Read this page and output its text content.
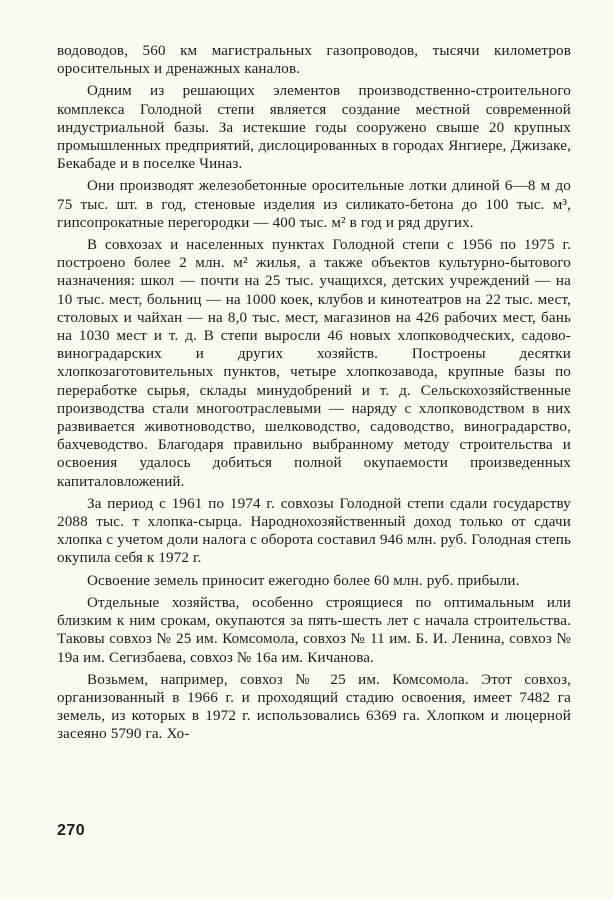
водоводов, 560 км магистральных газопроводов, тысячи километров оросительных и дренажных каналов.

Одним из решающих элементов производственно-строительного комплекса Голодной степи является создание местной современной индустриальной базы. За истекшие годы сооружено свыше 20 крупных промышленных предприятий, дислоцированных в городах Янгиере, Джизаке, Бекабаде и в поселке Чиназ.

Они производят железобетонные оросительные лотки длиной 6—8 м до 75 тыс. шт. в год, стеновые изделия из силикато-бетона до 100 тыс. м³, гипсопрокатные перегородки — 400 тыс. м² в год и ряд других.

В совхозах и населенных пунктах Голодной степи с 1956 по 1975 г. построено более 2 млн. м² жилья, а также объектов культурно-бытового назначения: школ — почти на 25 тыс. учащихся, детских учреждений — на 10 тыс. мест, больниц — на 1000 коек, клубов и кинотеатров на 22 тыс. мест, столовых и чайхан — на 8,0 тыс. мест, магазинов на 426 рабочих мест, бань на 1030 мест и т. д. В степи выросли 46 новых хлопководческих, садово-виноградарских и других хозяйств. Построены десятки хлопкозаготовительных пунктов, четыре хлопкозавода, крупные базы по переработке сырья, склады минудобрений и т. д. Сельскохозяйственные производства стали многоотраслевыми — наряду с хлопководством в них развивается животноводство, шелководство, садоводство, виноградарство, бахчеводство. Благодаря правильно выбранному методу строительства и освоения удалось добиться полной окупаемости произведенных капиталовложений.

За период с 1961 по 1974 г. совхозы Голодной степи сдали государству 2088 тыс. т хлопка-сырца. Народнохозяйственный доход только от сдачи хлопка с учетом доли налога с оборота составил 946 млн. руб. Голодная степь окупила себя к 1972 г.

Освоение земель приносит ежегодно более 60 млн. руб. прибыли.

Отдельные хозяйства, особенно строящиеся по оптимальным или близким к ним срокам, окупаются за пять-шесть лет с начала строительства. Таковы совхоз № 25 им. Комсомола, совхоз № 11 им. Б. И. Ленина, совхоз № 19а им. Сегизбаева, совхоз № 16а им. Кичанова.

Возьмем, например, совхоз № 25 им. Комсомола. Этот совхоз, организованный в 1966 г. и проходящий стадию освоения, имеет 7482 га земель, из которых в 1972 г. использовались 6369 га. Хлопком и люцерной засеяно 5790 га. Хо-

270
